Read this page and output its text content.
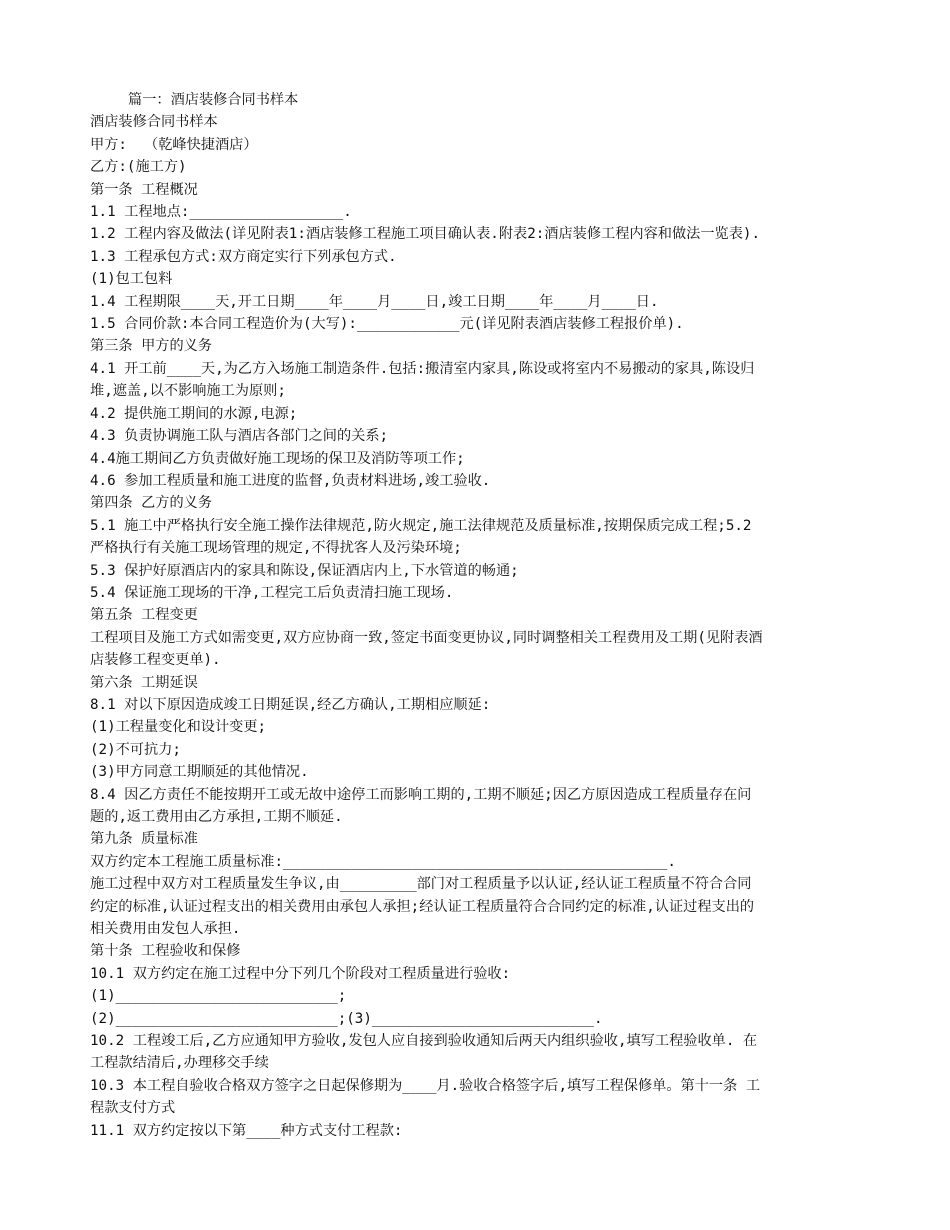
篇一：酒店装修合同书样本

酒店装修合同书样本

甲方:  （乾峰快捷酒店）

乙方:(施工方)

第一条 工程概况

1.1 工程地点:__________________.

1.2 工程内容及做法(详见附表1:酒店装修工程施工项目确认表.附表2:酒店装修工程内容和做法一览表).

1.3 工程承包方式:双方商定实行下列承包方式.

(1)包工包料

1.4 工程期限____天,开工日期____年____月____日,竣工日期____年____月____日.

1.5 合同价款:本合同工程造价为(大写):____________元(详见附表酒店装修工程报价单).

第三条 甲方的义务

4.1 开工前____天,为乙方入场施工制造条件.包括:搬清室内家具,陈设或将室内不易搬动的家具,陈设归

堆,遮盖,以不影响施工为原则;

4.2 提供施工期间的水源,电源;

4.3 负责协调施工队与酒店各部门之间的关系;

4.4施工期间乙方负责做好施工现场的保卫及消防等项工作;

4.6 参加工程质量和施工进度的监督,负责材料进场,竣工验收.

第四条 乙方的义务

5.1 施工中严格执行安全施工操作法律规范,防火规定,施工法律规范及质量标准,按期保质完成工程;5.2

严格执行有关施工现场管理的规定,不得扰客人及污染环境;

5.3 保护好原酒店内的家具和陈设,保证酒店内上,下水管道的畅通;

5.4 保证施工现场的干净,工程完工后负责清扫施工现场.

第五条 工程变更

工程项目及施工方式如需变更,双方应协商一致,签定书面变更协议,同时调整相关工程费用及工期(见附表酒

店装修工程变更单).

第六条 工期延误

8.1 对以下原因造成竣工日期延误,经乙方确认,工期相应顺延:

(1)工程量变化和设计变更;

(2)不可抗力;

(3)甲方同意工期顺延的其他情况.

8.4 因乙方责任不能按期开工或无故中途停工而影响工期的,工期不顺延;因乙方原因造成工程质量存在问

题的,返工费用由乙方承担,工期不顺延.

第九条 质量标准

双方约定本工程施工质量标准:_____________________________________________.

施工过程中双方对工程质量发生争议,由_________部门对工程质量予以认证,经认证工程质量不符合合同

约定的标准,认证过程支出的相关费用由承包人承担;经认证工程质量符合合同约定的标准,认证过程支出的

相关费用由发包人承担.

第十条 工程验收和保修

10.1 双方约定在施工过程中分下列几个阶段对工程质量进行验收:

(1)__________________________;

(2)__________________________;(3)__________________________.

10.2 工程竣工后,乙方应通知甲方验收,发包人应自接到验收通知后两天内组织验收,填写工程验收单. 在

工程款结清后,办理移交手续

10.3 本工程自验收合格双方签字之日起保修期为____月.验收合格签字后,填写工程保修单。第十一条 工

程款支付方式

11.1 双方约定按以下第____种方式支付工程款:
